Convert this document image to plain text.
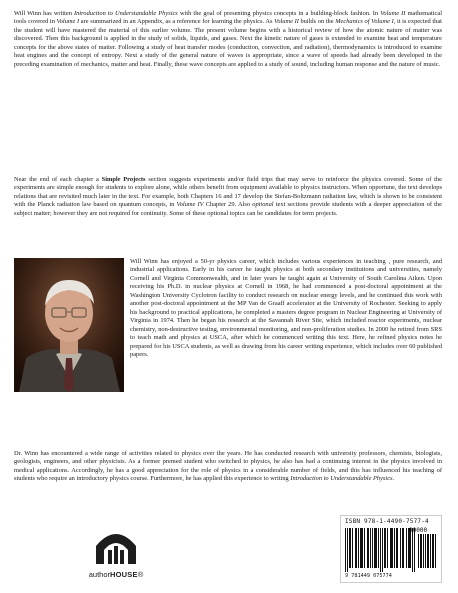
Will Winn has written Introduction to Understandable Physics with the goal of presenting physics concepts in a building-block fashion. In Volume II mathematical tools covered in Volume I are summarized in an Appendix, as a reference for learning the physics. As Volume II builds on the Mechanics of Volume I, it is expected that the student will have mastered the material of this earlier volume. The present volume begins with a historical review of how the atomic nature of matter was discovered. Then this background is applied in the study of solids, liquids, and gases. Next the kinetic nature of gases is extended to examine heat and temperature concepts for the above states of matter. Following a study of heat transfer modes (conduction, convection, and radiation), thermodynamics is introduced to examine heat engines and the concept of entropy. Next a study of the general nature of waves is appropriate, since a wave of speeds had already been developed in the preceding examination of mechanics, matter and heat. Finally, these wave concepts are applied to a study of sound, including human response and the nature of music.

Near the end of each chapter a Simple Projects section suggests experiments and/or field trips that may serve to reinforce the physics covered. Some of the experiments are simple enough for students to explore alone, while others benefit from equipment available to physics instructors. When opportune, the text develops relations that are revisited much later in the text. For example, both Chapters 16 and 17 develop the Stefan-Boltzmann radiation law, which is shown to be consistent with the Planck radiation law based on quantum concepts, in Volume IV Chapter 29. Also optional text sections provide students with a deeper appreciation of the subject matter; however they are not required for continuity. Some of these optional topics can be candidates for term projects.

Will Winn has enjoyed a 50-yr physics career, which includes various experiences in teaching , pure research, and industrial applications. Early in his career he taught physics at both secondary institutions and universities, namely Cornell and Virginia Commonwealth, and in later years he taught again at University of South Carolina Aiken. Upon receiving his Ph.D. in nuclear physics at Cornell in 1968, he had commenced a post-doctoral appointment at the Washington University Cyclotron facility to conduct research on nuclear energy levels, and he continued this work with another post-doctoral appointment at the MP Van de Graaff accelerator at the University of Rochester. Seeking to apply his background to practical applications, he completed a masters degree program in Nuclear Engineering at University of Virginia in 1974. Then he began his research at the Savannah River Site, which included reactor experiments, nuclear chemistry, non-destructive testing, environmental monitoring, and non-proliferation studies. In 2000 he retired from SRS to teach math and physics at USCA, after which he commenced writing this text. Here, he refined physics notes he prepared for his USCA students, as well as drawing from his career writing experience, which includes over 60 published papers.

Dr. Winn has encountered a wide range of activities related to physics over the years. He has conducted research with university professors, chemists, biologists, geologists, engineers, and other physicists. As a former premed student who switched to physics, he also has had a continuing interest in the physics involved in medical applications. Accordingly, he has a good appreciation for the role of physics in a considerable number of fields, and this has influenced his teaching of students who require an introductory physics course. Furthermore, he has applied this experience to writing Introduction to Understandable Physics.

authorHOUSE®
ISBN 978-1-4490-7577-4
90000
9 781449 075774
